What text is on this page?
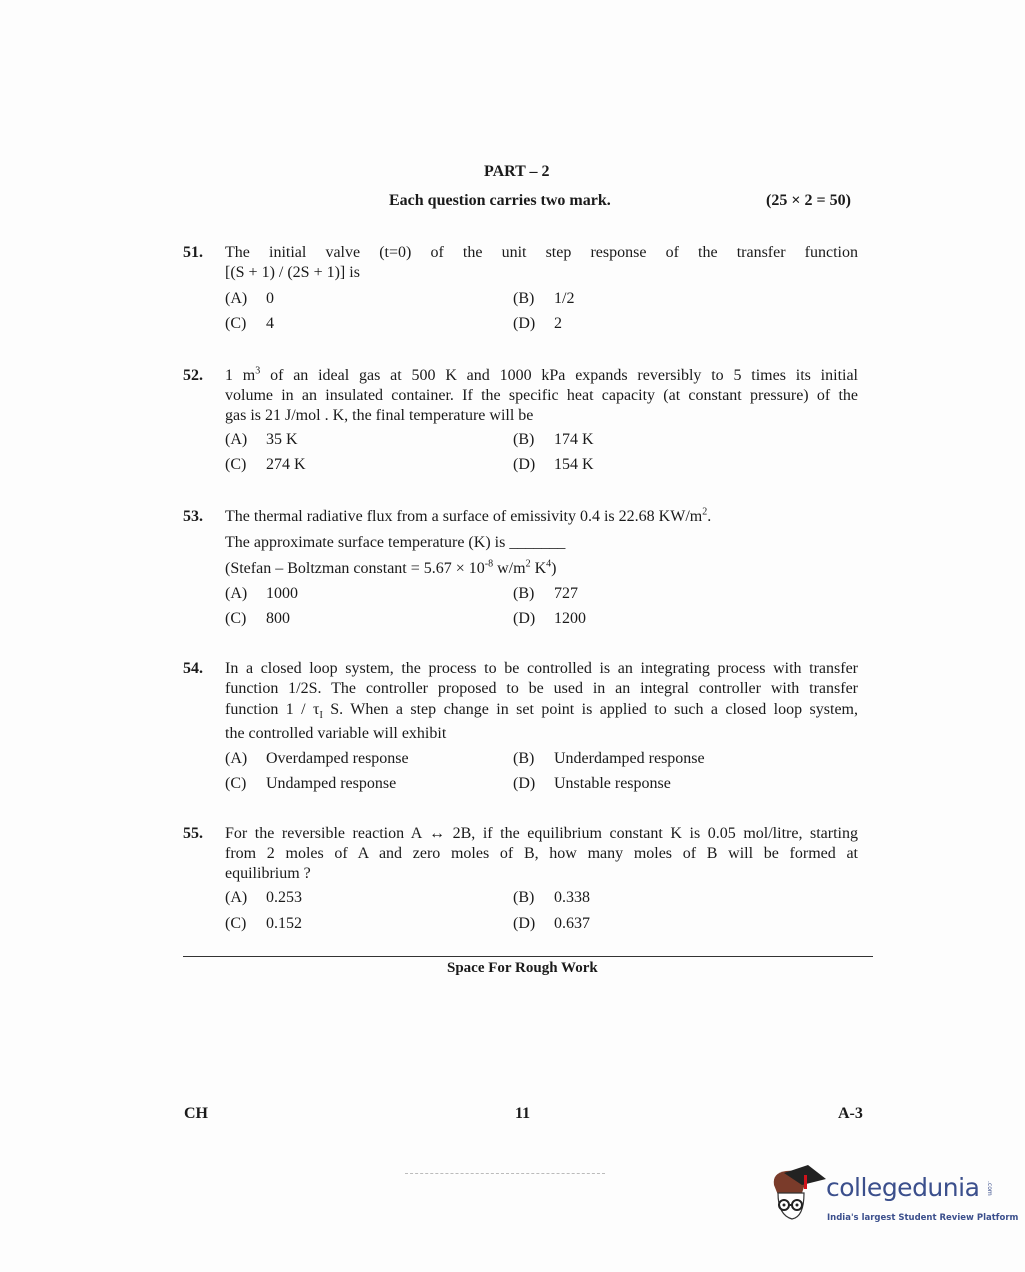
PART – 2
Each question carries two mark.	(25 × 2 = 50)
51. The initial valve (t=0) of the unit step response of the transfer function
[(S + 1) / (2S + 1)] is
(A) 0	(B) 1/2
(C) 4	(D) 2
52. 1 $m^3$ of an ideal gas at 500 K and 1000 kPa expands reversibly to 5 times its initial
volume in an insulated container. If the specific heat capacity (at constant pressure) of the
gas is 21 J/mol . K, the final temperature will be
(A) 35 K	(B) 174 K
(C) 274 K	(D) 154 K
53. The thermal radiative flux from a surface of emissivity 0.4 is 22.68 $KW/m^2$.
The approximate surface temperature (K) is _______
(Stefan – Boltzman constant = $5.67 \times 10^{-8}$ $w/m^2$ $K^4$)
(A) 1000	(B) 727
(C) 800	(D) 1200
54. In a closed loop system, the process to be controlled is an integrating process with transfer
function 1/2S. The controller proposed to be used in an integral controller with transfer
function $1 / \tau_I$ S. When a step change in set point is applied to such a closed loop system,
the controlled variable will exhibit
(A) Overdamped response	(B) Underdamped response
(C) Undamped response	(D) Unstable response
55. For the reversible reaction A ↔ 2B, if the equilibrium constant K is 0.05 mol/litre, starting
from 2 moles of A and zero moles of B, how many moles of B will be formed at
equilibrium ?
(A) 0.253	(B) 0.338
(C) 0.152	(D) 0.637
Space For Rough Work
CH	11	A-3
collegedunia .com
India's largest Student Review Platform
